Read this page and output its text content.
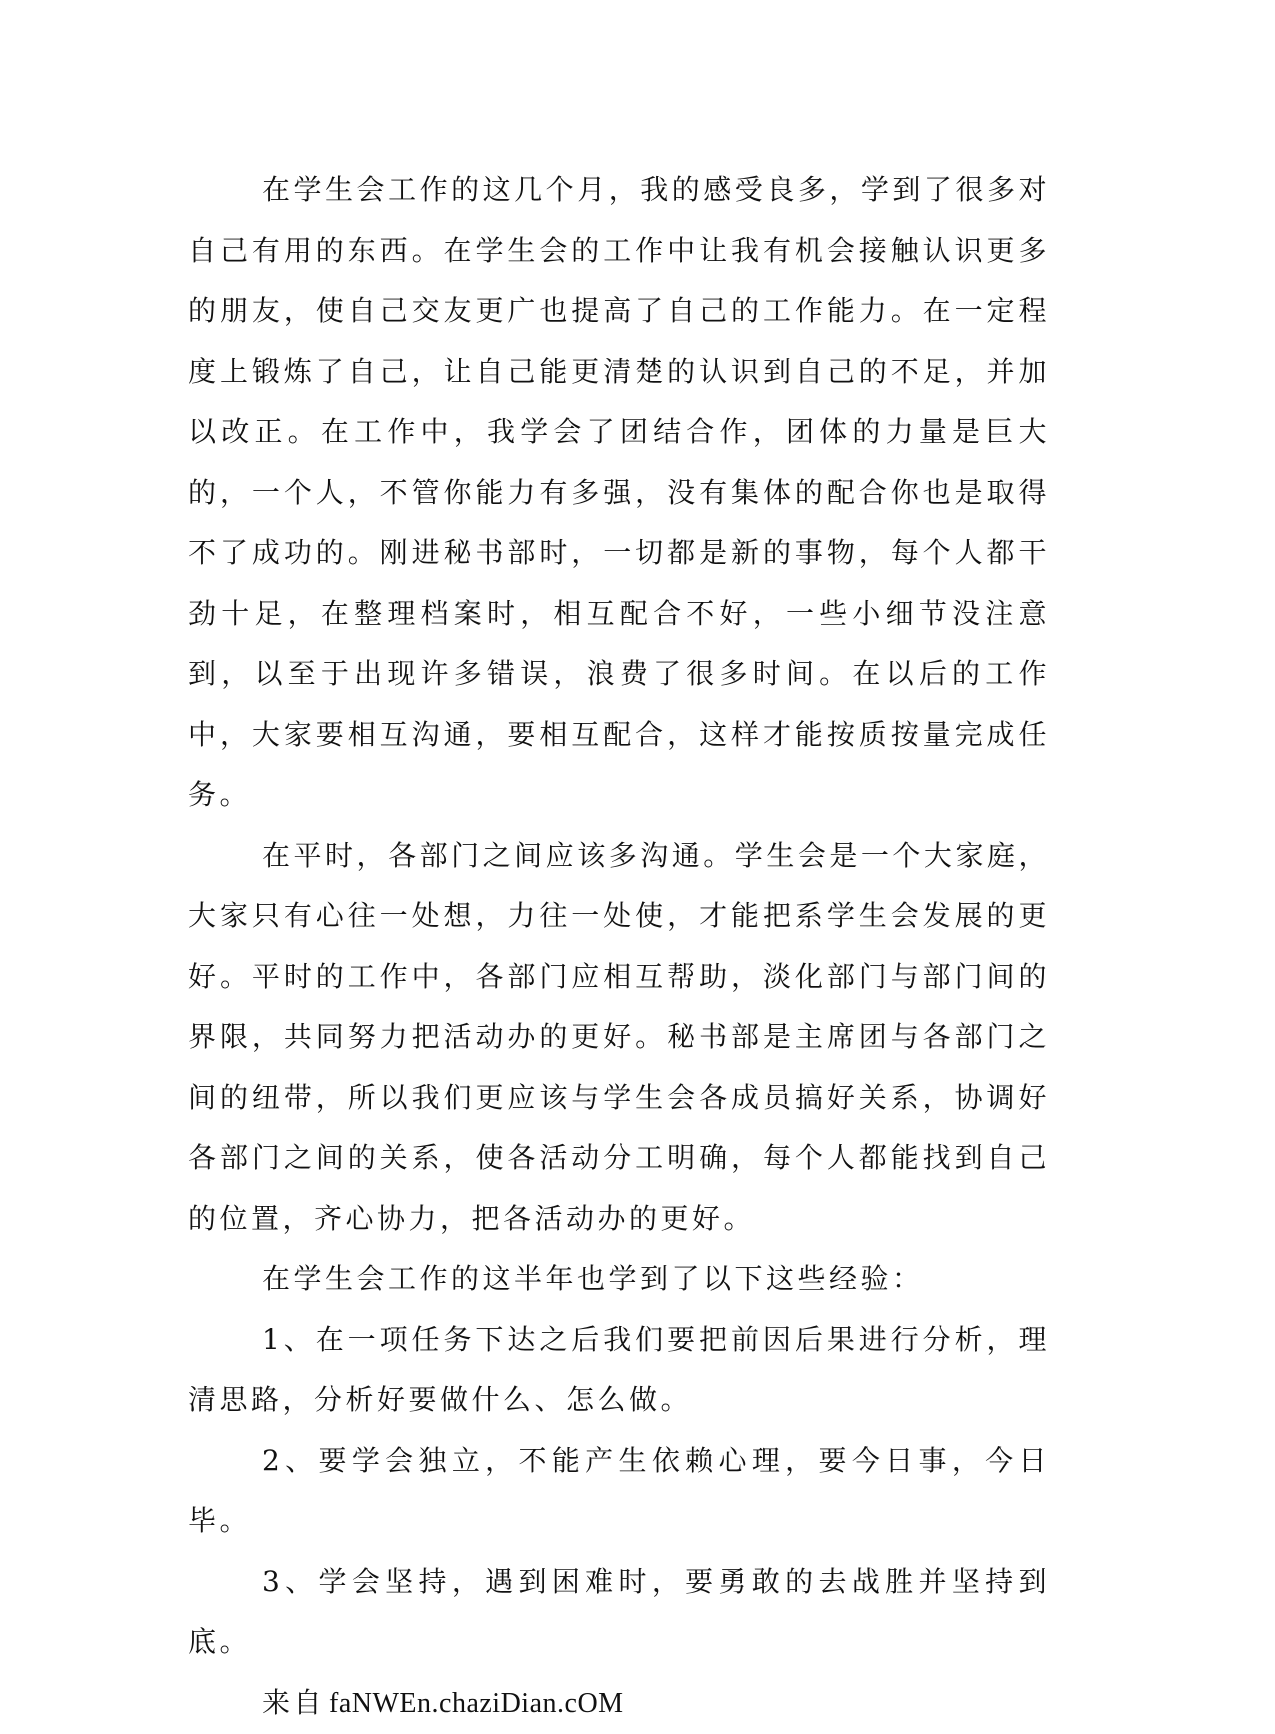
在学生会工作的这几个月，我的感受良多，学到了很多对自己有用的东西。在学生会的工作中让我有机会接触认识更多的朋友，使自己交友更广也提高了自己的工作能力。在一定程度上锻炼了自己，让自己能更清楚的认识到自己的不足，并加以改正。在工作中，我学会了团结合作，团体的力量是巨大的，一个人，不管你能力有多强，没有集体的配合你也是取得不了成功的。刚进秘书部时，一切都是新的事物，每个人都干劲十足，在整理档案时，相互配合不好，一些小细节没注意到，以至于出现许多错误，浪费了很多时间。在以后的工作中，大家要相互沟通，要相互配合，这样才能按质按量完成任务。

在平时，各部门之间应该多沟通。学生会是一个大家庭，大家只有心往一处想，力往一处使，才能把系学生会发展的更好。平时的工作中，各部门应相互帮助，淡化部门与部门间的界限，共同努力把活动办的更好。秘书部是主席团与各部门之间的纽带，所以我们更应该与学生会各成员搞好关系，协调好各部门之间的关系，使各活动分工明确，每个人都能找到自己的位置，齐心协力，把各活动办的更好。

在学生会工作的这半年也学到了以下这些经验：

1、在一项任务下达之后我们要把前因后果进行分析，理清思路，分析好要做什么、怎么做。

2、要学会独立，不能产生依赖心理，要今日事，今日毕。

3、学会坚持，遇到困难时，要勇敢的去战胜并坚持到底。

来自 faNWEn.chaziDian.cOM
